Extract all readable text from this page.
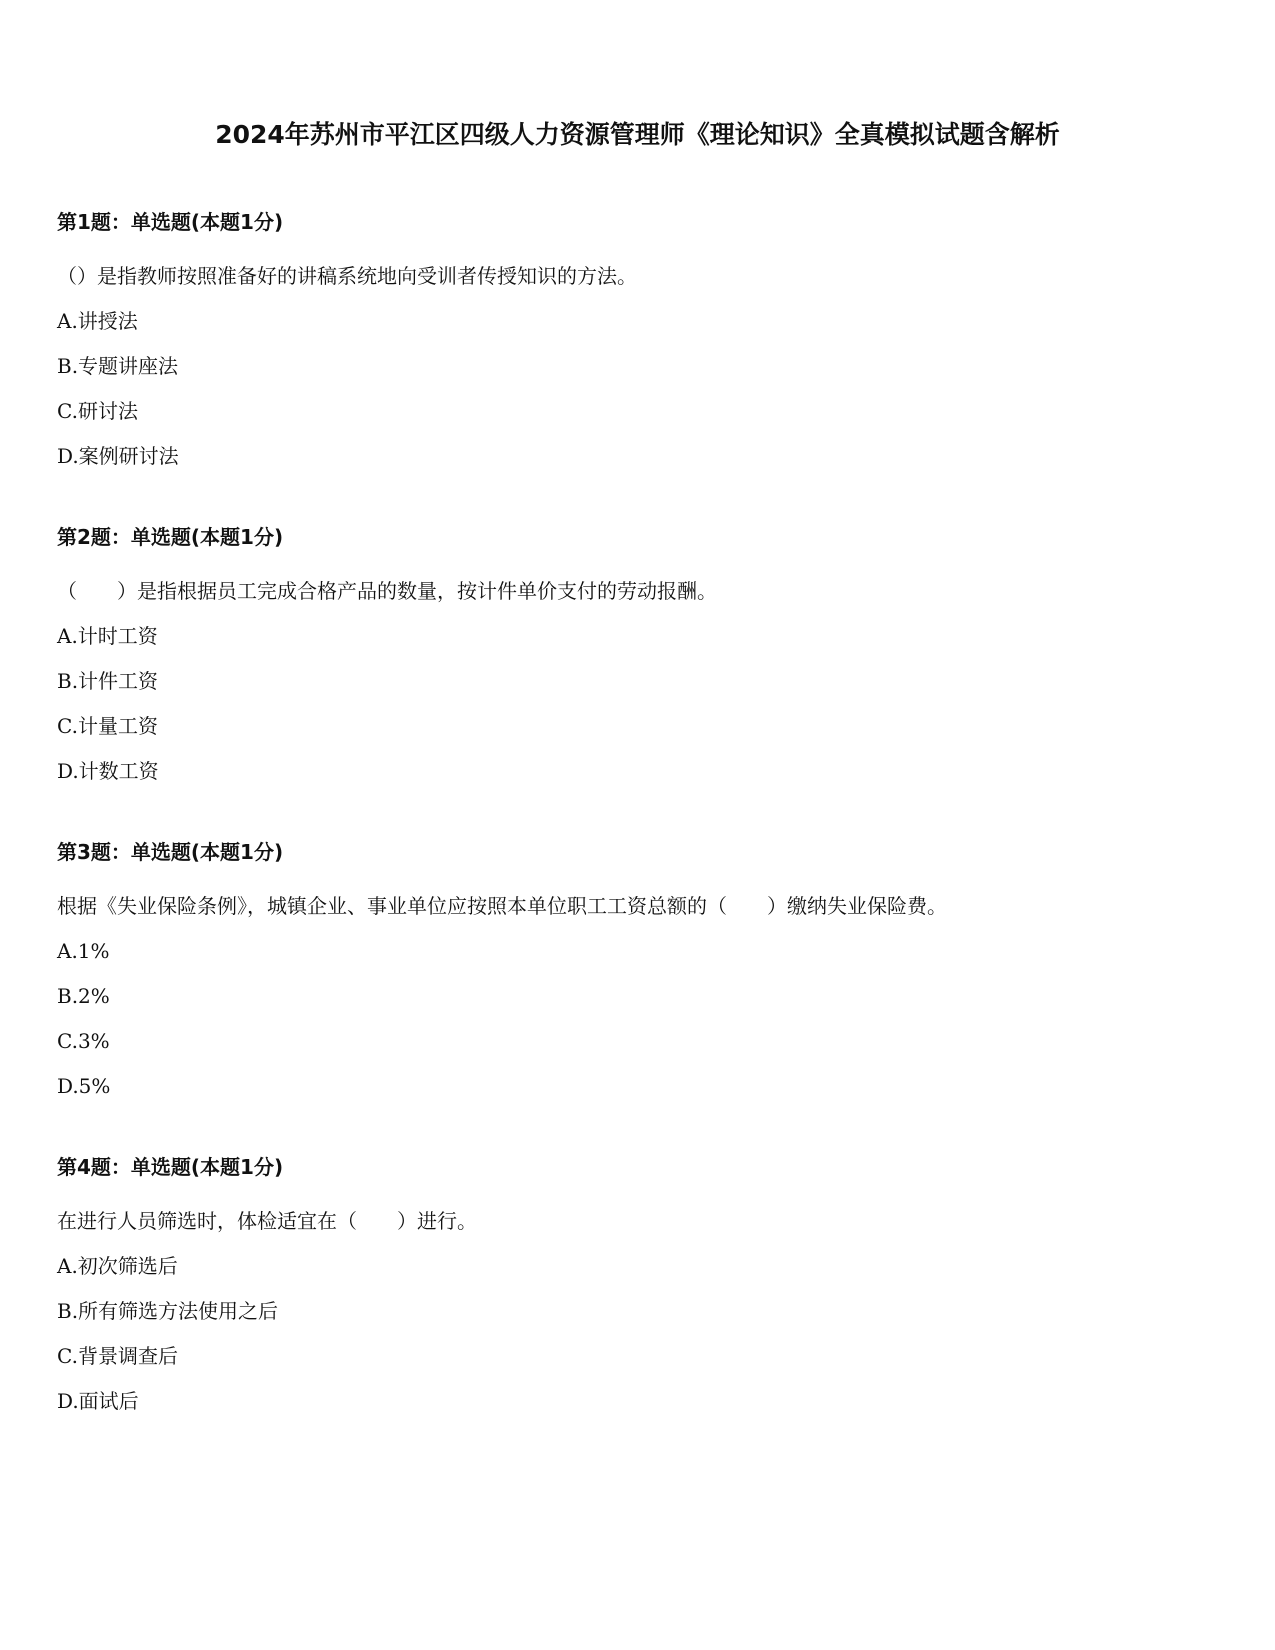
2024年苏州市平江区四级人力资源管理师《理论知识》全真模拟试题含解析
第1题：单选题(本题1分)
（）是指教师按照准备好的讲稿系统地向受训者传授知识的方法。
A.讲授法
B.专题讲座法
C.研讨法
D.案例研讨法
第2题：单选题(本题1分)
（　　）是指根据员工完成合格产品的数量，按计件单价支付的劳动报酬。
A.计时工资
B.计件工资
C.计量工资
D.计数工资
第3题：单选题(本题1分)
根据《失业保险条例》，城镇企业、事业单位应按照本单位职工工资总额的（　　）缴纳失业保险费。
A.1%
B.2%
C.3%
D.5%
第4题：单选题(本题1分)
在进行人员筛选时，体检适宜在（　　）进行。
A.初次筛选后
B.所有筛选方法使用之后
C.背景调查后
D.面试后
